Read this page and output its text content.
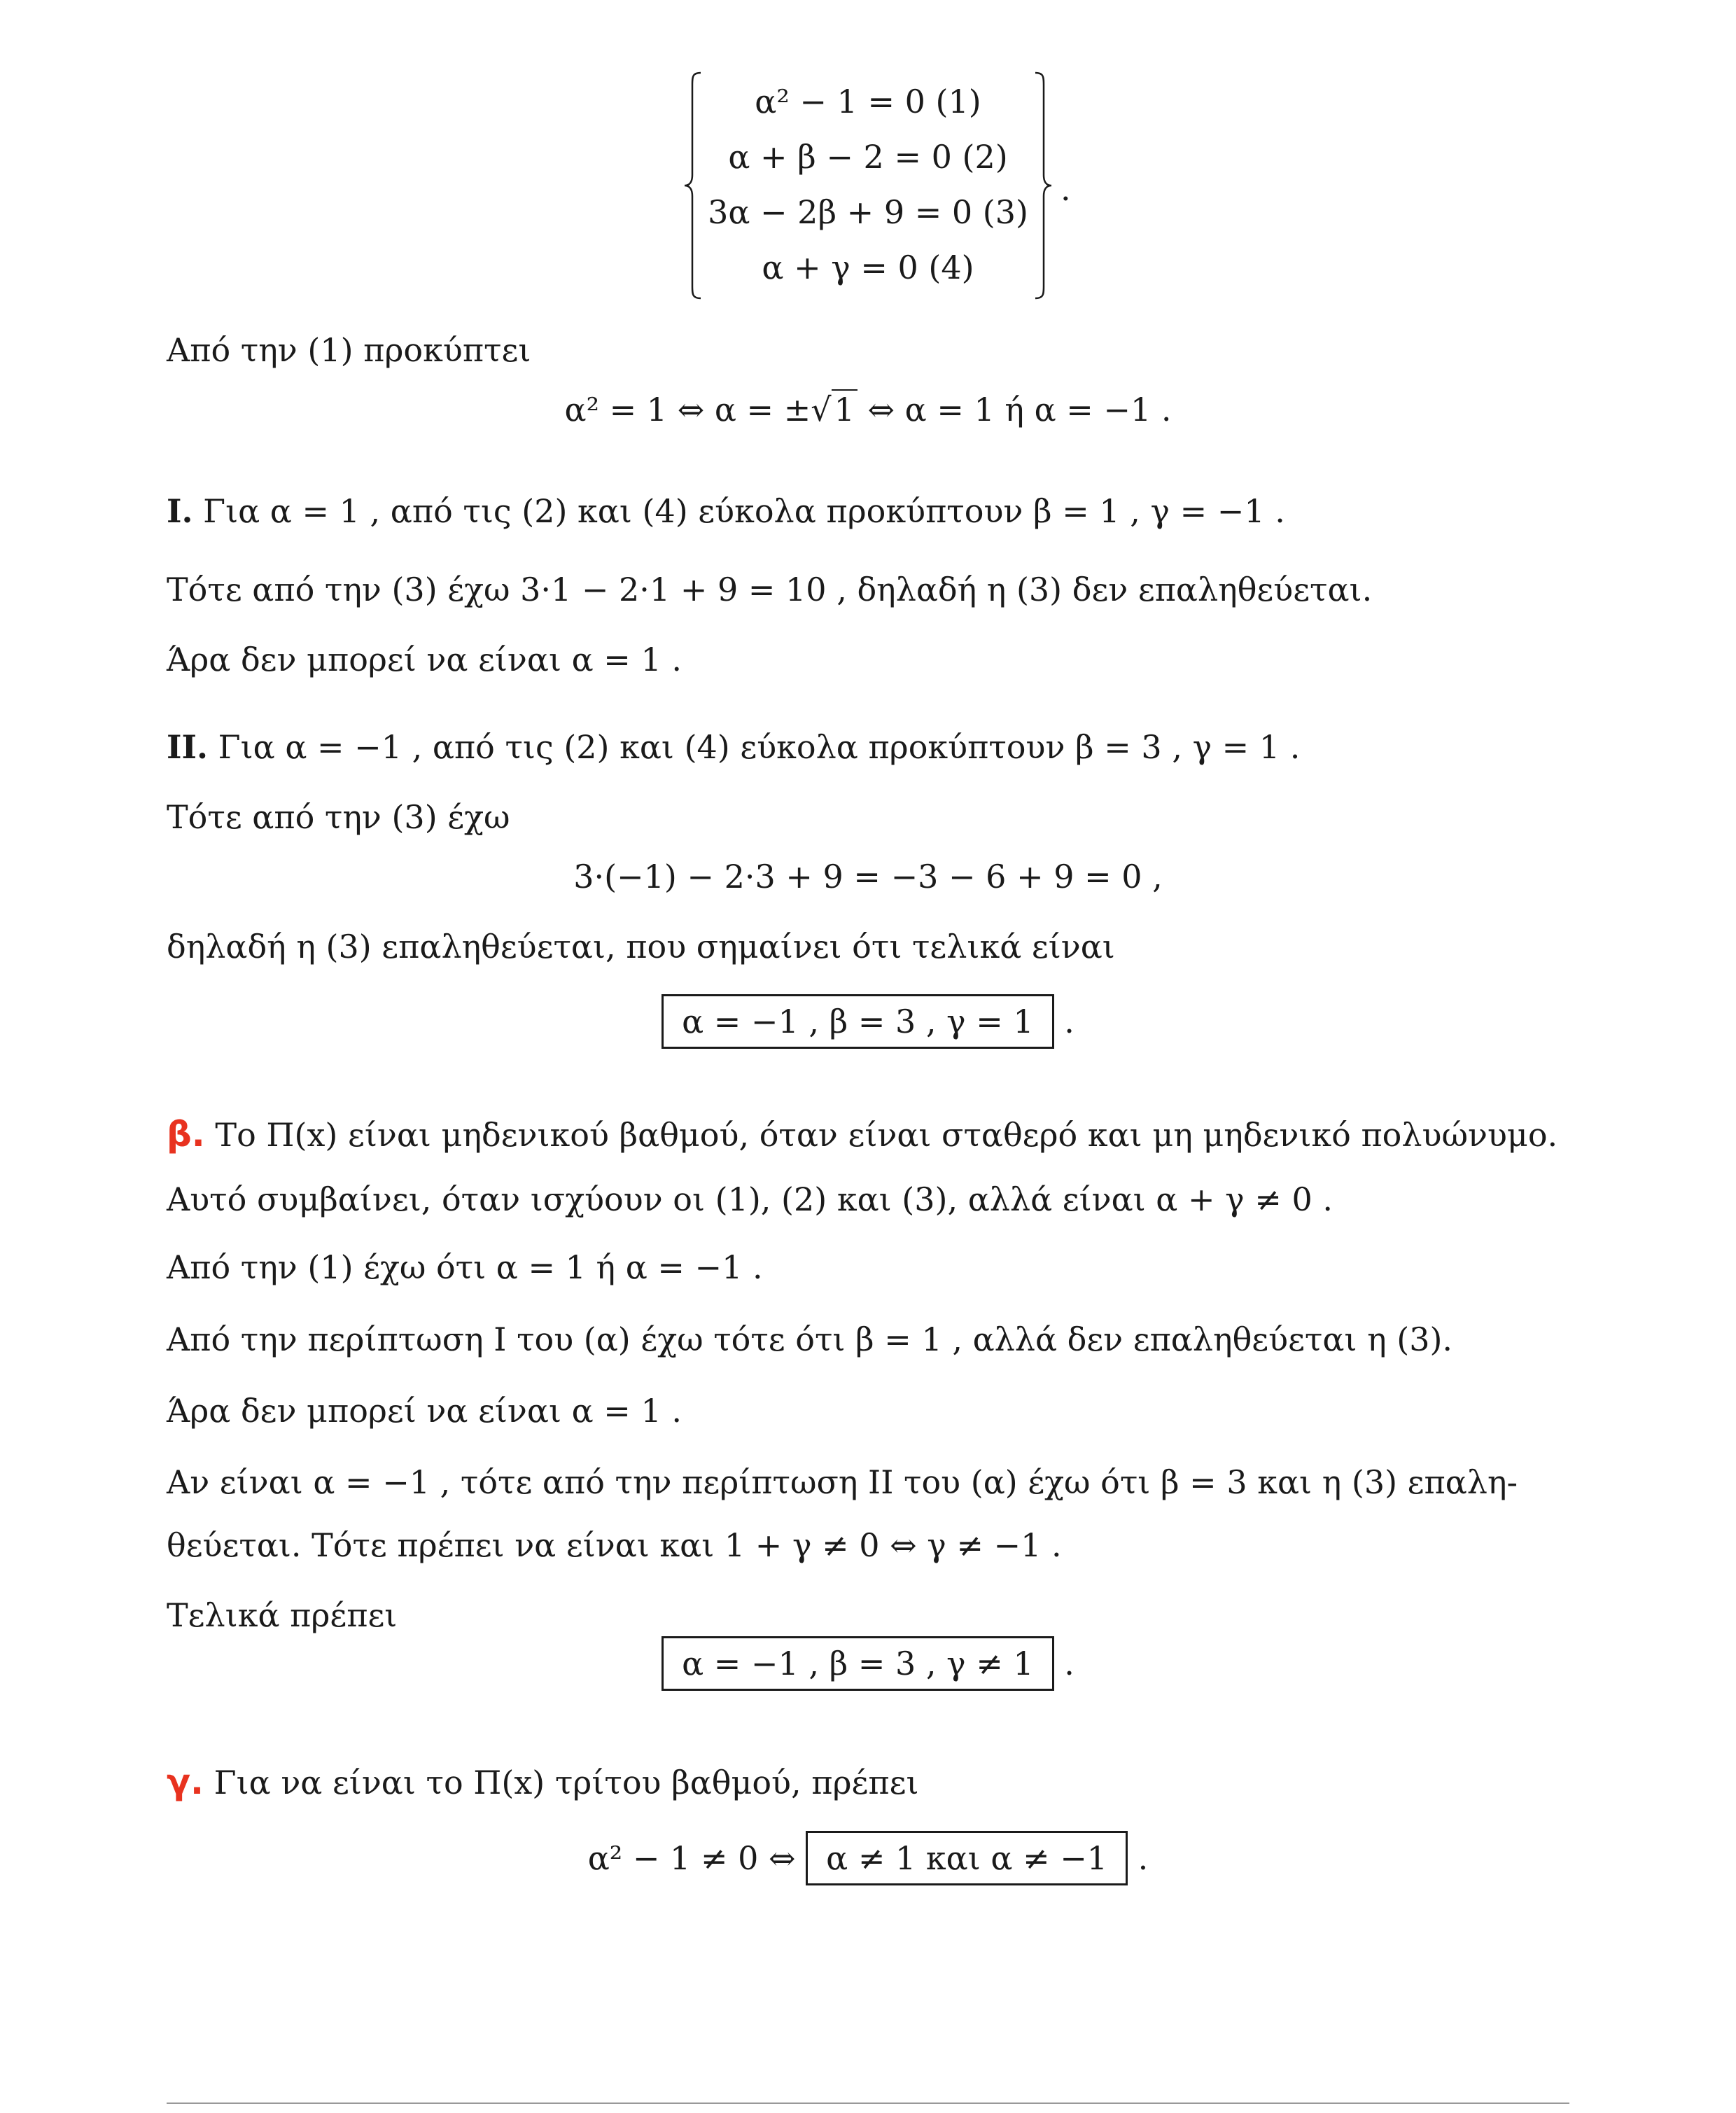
α² − 1 = 0 (1)
α + β − 2 = 0 (2)
3α − 2β + 9 = 0 (3)
α + γ = 0 (4)
.
Από την (1) προκύπτει
α² = 1 ⇔ α = ±√1 ⇔ α = 1 ή α = −1 .
Ι. Για α = 1 , από τις (2) και (4) εύκολα προκύπτουν β = 1 , γ = −1 .
Τότε από την (3) έχω 3·1 − 2·1 + 9 = 10 , δηλαδή η (3) δεν επαληθεύεται.
Άρα δεν μπορεί να είναι α = 1 .
ΙΙ. Για α = −1 , από τις (2) και (4) εύκολα προκύπτουν β = 3 , γ = 1 .
Τότε από την (3) έχω
3·(−1) − 2·3 + 9 = −3 − 6 + 9 = 0 ,
δηλαδή η (3) επαληθεύεται, που σημαίνει ότι τελικά είναι
α = −1 , β = 3 , γ = 1 .
β. Το Π(x) είναι μηδενικού βαθμού, όταν είναι σταθερό και μη μηδενικό πολυώνυμο.
Αυτό συμβαίνει, όταν ισχύουν οι (1), (2) και (3), αλλά είναι α + γ ≠ 0 .
Από την (1) έχω ότι α = 1 ή α = −1 .
Από την περίπτωση Ι του (α) έχω τότε ότι β = 1 , αλλά δεν επαληθεύεται η (3).
Άρα δεν μπορεί να είναι α = 1 .
Αν είναι α = −1 , τότε από την περίπτωση ΙΙ του (α) έχω ότι β = 3 και η (3) επαλη-
θεύεται. Τότε πρέπει να είναι και 1 + γ ≠ 0 ⇔ γ ≠ −1 .
Τελικά πρέπει
α = −1 , β = 3 , γ ≠ 1 .
γ. Για να είναι το Π(x) τρίτου βαθμού, πρέπει
α² − 1 ≠ 0 ⇔ α ≠ 1 και α ≠ −1 .
